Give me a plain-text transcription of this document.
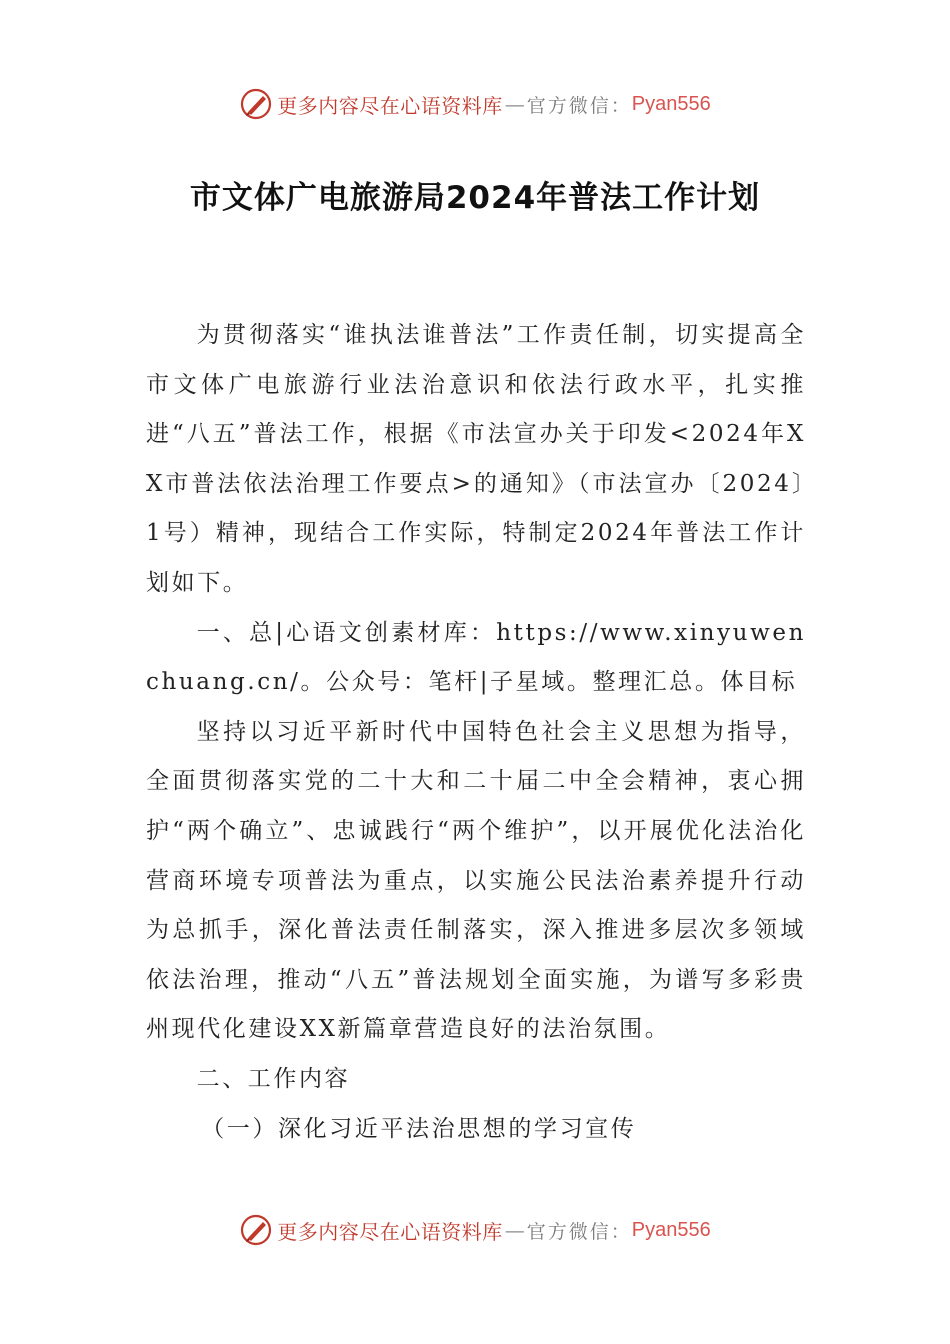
更多内容尽在心语资料库 — 官方微信： Pyan556
市文体广电旅游局2024年普法工作计划

为贯彻落实“谁执法谁普法”工作责任制，切实提高全市文体广电旅游行业法治意识和依法行政水平，扎实推进“八五”普法工作，根据《市法宣办关于印发<2024年XX市普法依法治理工作要点>的通知》（市法宣办〔2024〕1号）精神，现结合工作实际，特制定2024年普法工作计划如下。

一、总|心语文创素材库：https://www.xinyuwenchuang.cn/。公众号：笔杆|子星域。整理汇总。体目标

坚持以习近平新时代中国特色社会主义思想为指导，全面贯彻落实党的二十大和二十届二中全会精神，衷心拥护“两个确立”、忠诚践行“两个维护”，以开展优化法治化营商环境专项普法为重点，以实施公民法治素养提升行动为总抓手，深化普法责任制落实，深入推进多层次多领域依法治理，推动“八五”普法规划全面实施，为谱写多彩贵州现代化建设XX新篇章营造良好的法治氛围。

二、工作内容

（一）深化习近平法治思想的学习宣传

更多内容尽在心语资料库 — 官方微信： Pyan556
